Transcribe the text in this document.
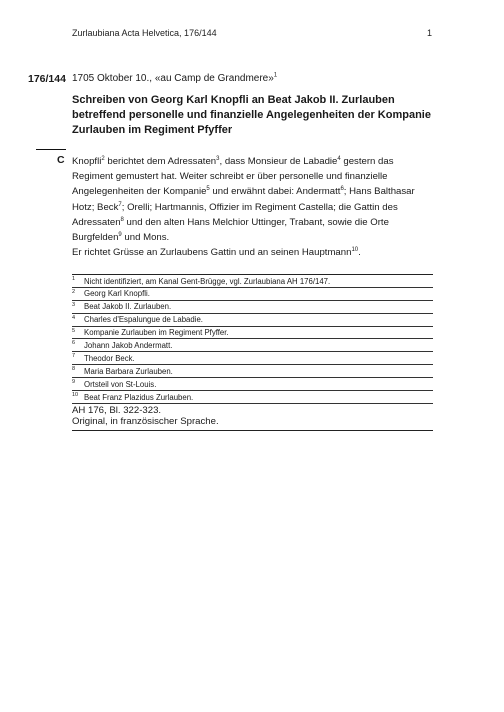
Zurlaubiana Acta Helvetica, 176/144	1
176/144 1705 Oktober 10., «au Camp de Grandmere»$^1$
Schreiben von Georg Karl Knopfli an Beat Jakob II. Zurlauben betreffend personelle und finanzielle Angelegenheiten der Kompanie Zurlauben im Regiment Pfyffer
C Knopfli$^2$ berichtet dem Adressaten$^3$, dass Monsieur de Labadie$^4$ gestern das Regiment gemustert hat. Weiter schreibt er über personelle und finanzielle Angelegenheiten der Kompanie$^5$ und erwähnt dabei: Andermatt$^6$; Hans Balthasar Hotz; Beck$^7$; Orelli; Hartmannis, Offizier im Regiment Castella; die Gattin des Adressaten$^8$ und den alten Hans Melchior Uttinger, Trabant, sowie die Orte Burgfelden$^9$ und Mons.
Er richtet Grüsse an Zurlaubens Gattin und an seinen Hauptmann$^{10}$.
1 Nicht identifiziert, am Kanal Gent-Brügge, vgl. Zurlaubiana AH 176/147.
2 Georg Karl Knopfli.
3 Beat Jakob II. Zurlauben.
4 Charles d'Espalungue de Labadie.
5 Kompanie Zurlauben im Regiment Pfyffer.
6 Johann Jakob Andermatt.
7 Theodor Beck.
8 Maria Barbara Zurlauben.
9 Ortsteil von St-Louis.
10 Beat Franz Plazidus Zurlauben.
AH 176, Bl. 322-323.
Original, in französischer Sprache.
